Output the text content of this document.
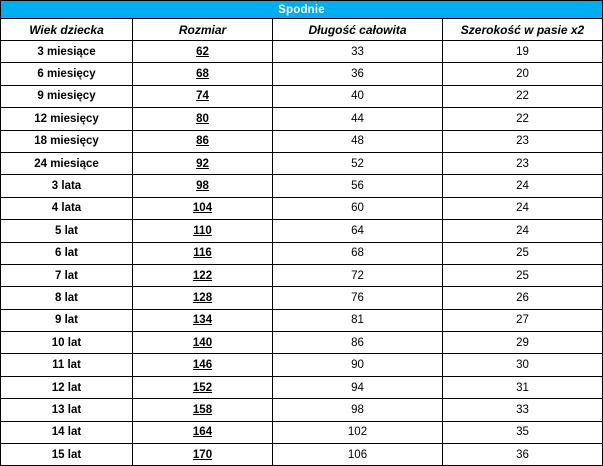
Spodnie			
Wiek dziecka	Rozmiar	Długość całowita	Szerokość w pasie x2
3 miesiące	62	33	19
6 miesięcy	68	36	20
9 miesięcy	74	40	22
12 miesięcy	80	44	22
18 miesięcy	86	48	23
24 miesiące	92	52	23
3 lata	98	56	24
4 lata	104	60	24
5 lat	110	64	24
6 lat	116	68	25
7 lat	122	72	25
8 lat	128	76	26
9 lat	134	81	27
10 lat	140	86	29
11 lat	146	90	30
12 lat	152	94	31
13 lat	158	98	33
14 lat	164	102	35
15 lat	170	106	36
